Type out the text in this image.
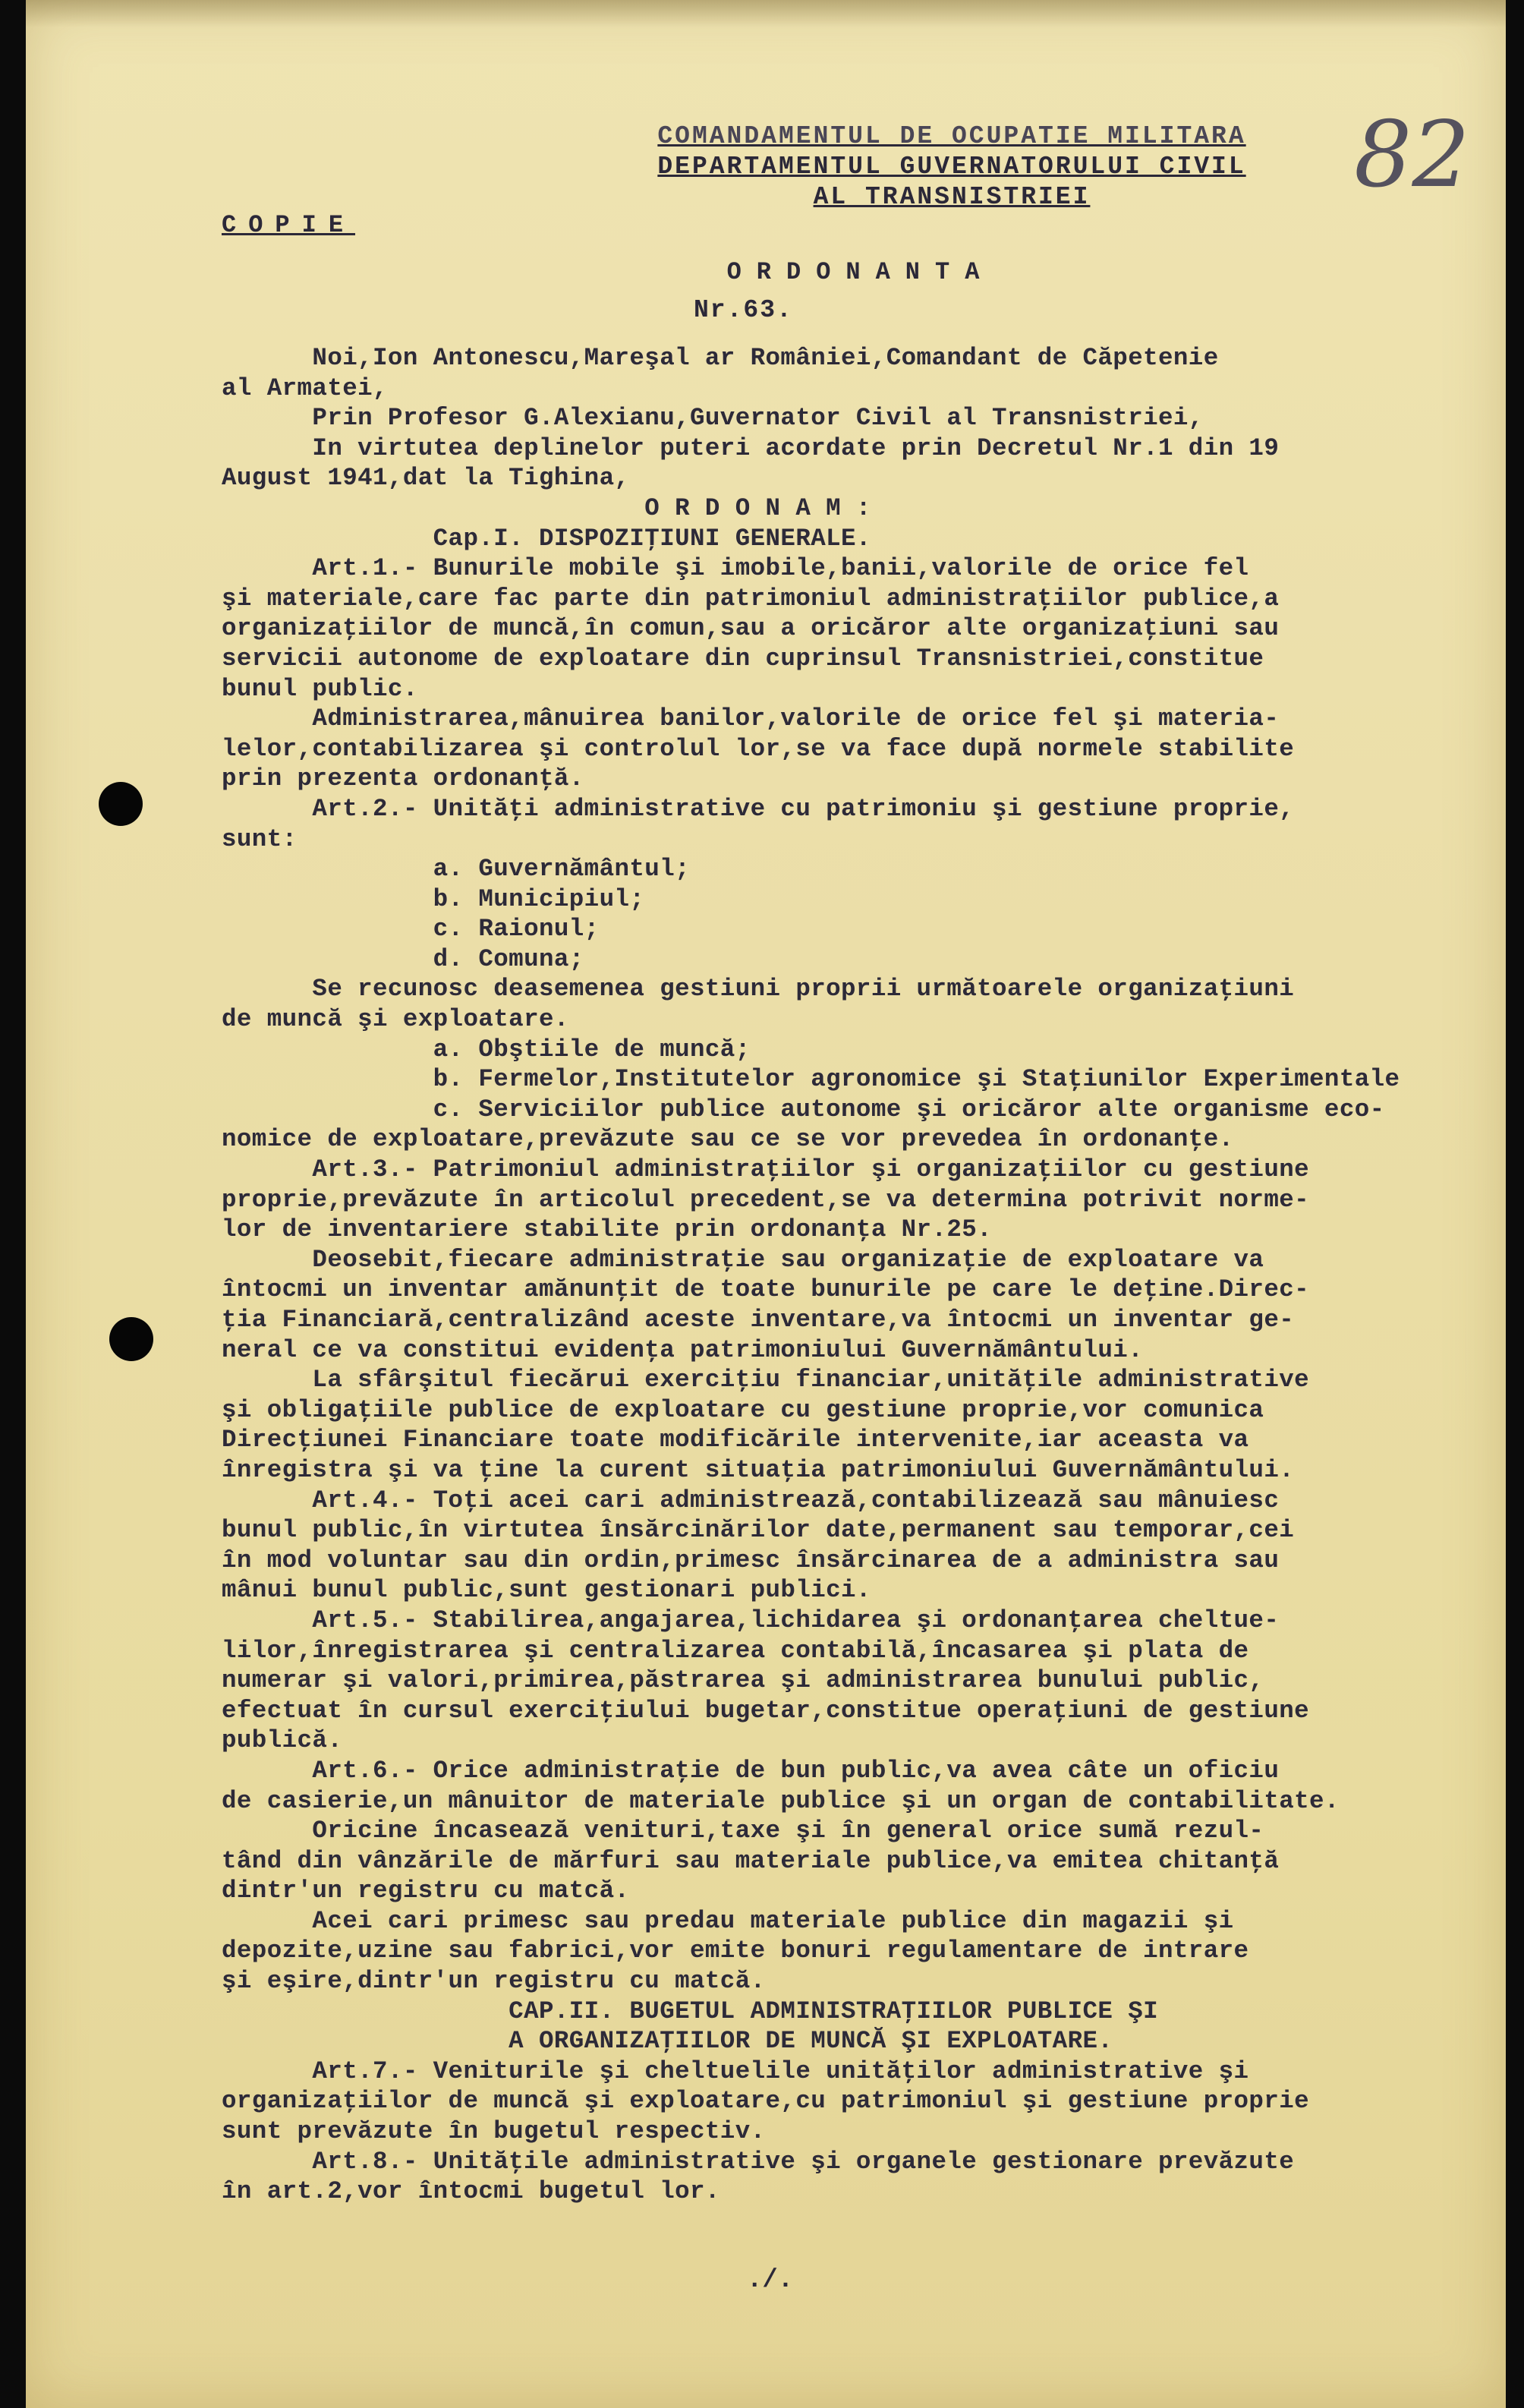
COMANDAMENTUL DE OCUPATIE MILITARA
DEPARTAMENTUL GUVERNATORULUI CIVIL
AL TRANSNISTRIEI	82
COPIE
ORDONANTA
Nr.63.
Noi,Ion Antonescu,Mareşal ar României,Comandant de Căpetenie
al Armatei,
Prin Profesor G.Alexianu,Guvernator Civil al Transnistriei,
In virtutea deplinelor puteri acordate prin Decretul Nr.1 din 19
August 1941,dat la Tighina,
O R D O N A M :
Cap.I. DISPOZIŢIUNI GENERALE.
Art.1.- Bunurile mobile şi imobile,banii,valorile de orice fel
şi materiale,care fac parte din patrimoniul administraţiilor publice,a
organizaţiilor de muncă,în comun,sau a oricăror alte organizaţiuni sau
servicii autonome de exploatare din cuprinsul Transnistriei,constitue
bunul public.
Administrarea,mânuirea banilor,valorile de orice fel şi materia-
lelor,contabilizarea şi controlul lor,se va face după normele stabilite
prin prezenta ordonanţă.
Art.2.- Unităţi administrative cu patrimoniu şi gestiune proprie,
sunt:
a. Guvernământul;
b. Municipiul;
c. Raionul;
d. Comuna;
Se recunosc deasemenea gestiuni proprii următoarele organizaţiuni
de muncă şi exploatare.
a. Obştiile de muncă;
b. Fermelor,Institutelor agronomice şi Staţiunilor Experimentale
c. Serviciilor publice autonome şi oricăror alte organisme eco-
nomice de exploatare,prevăzute sau ce se vor prevedea în ordonanţe.
Art.3.- Patrimoniul administraţiilor şi organizaţiilor cu gestiune
proprie,prevăzute în articolul precedent,se va determina potrivit norme-
lor de inventariere stabilite prin ordonanţa Nr.25.
Deosebit,fiecare administraţie sau organizaţie de exploatare va
întocmi un inventar amănunţit de toate bunurile pe care le deţine.Direc-
ţia Financiară,centralizând aceste inventare,va întocmi un inventar ge-
neral ce va constitui evidenţa patrimoniului Guvernământului.
La sfârşitul fiecărui exerciţiu financiar,unităţile administrative
şi obligaţiile publice de exploatare cu gestiune proprie,vor comunica
Direcţiunei Financiare toate modificările intervenite,iar aceasta va
înregistra şi va ţine la curent situaţia patrimoniului Guvernământului.
Art.4.- Toţi acei cari administrează,contabilizează sau mânuiesc
bunul public,în virtutea însărcinărilor date,permanent sau temporar,cei
în mod voluntar sau din ordin,primesc însărcinarea de a administra sau
mânui bunul public,sunt gestionari publici.
Art.5.- Stabilirea,angajarea,lichidarea şi ordonanţarea cheltue-
lilor,înregistrarea şi centralizarea contabilă,încasarea şi plata de
numerar şi valori,primirea,păstrarea şi administrarea bunului public,
efectuat în cursul exerciţiului bugetar,constitue operaţiuni de gestiune
publică.
Art.6.- Orice administraţie de bun public,va avea câte un oficiu
de casierie,un mânuitor de materiale publice şi un organ de contabilitate.
Oricine încasează venituri,taxe şi în general orice sumă rezul-
tând din vânzările de mărfuri sau materiale publice,va emitea chitanţă
dintr'un registru cu matcă.
Acei cari primesc sau predau materiale publice din magazii şi
depozite,uzine sau fabrici,vor emite bonuri regulamentare de intrare
şi eşire,dintr'un registru cu matcă.
CAP.II. BUGETUL ADMINISTRAŢIILOR PUBLICE ŞI
A ORGANIZAŢIILOR DE MUNCĂ ŞI EXPLOATARE.
Art.7.- Veniturile şi cheltuelile unităţilor administrative şi
organizaţiilor de muncă şi exploatare,cu patrimoniul şi gestiune proprie
sunt prevăzute în bugetul respectiv.
Art.8.- Unităţile administrative şi organele gestionare prevăzute
în art.2,vor întocmi bugetul lor.
./.
